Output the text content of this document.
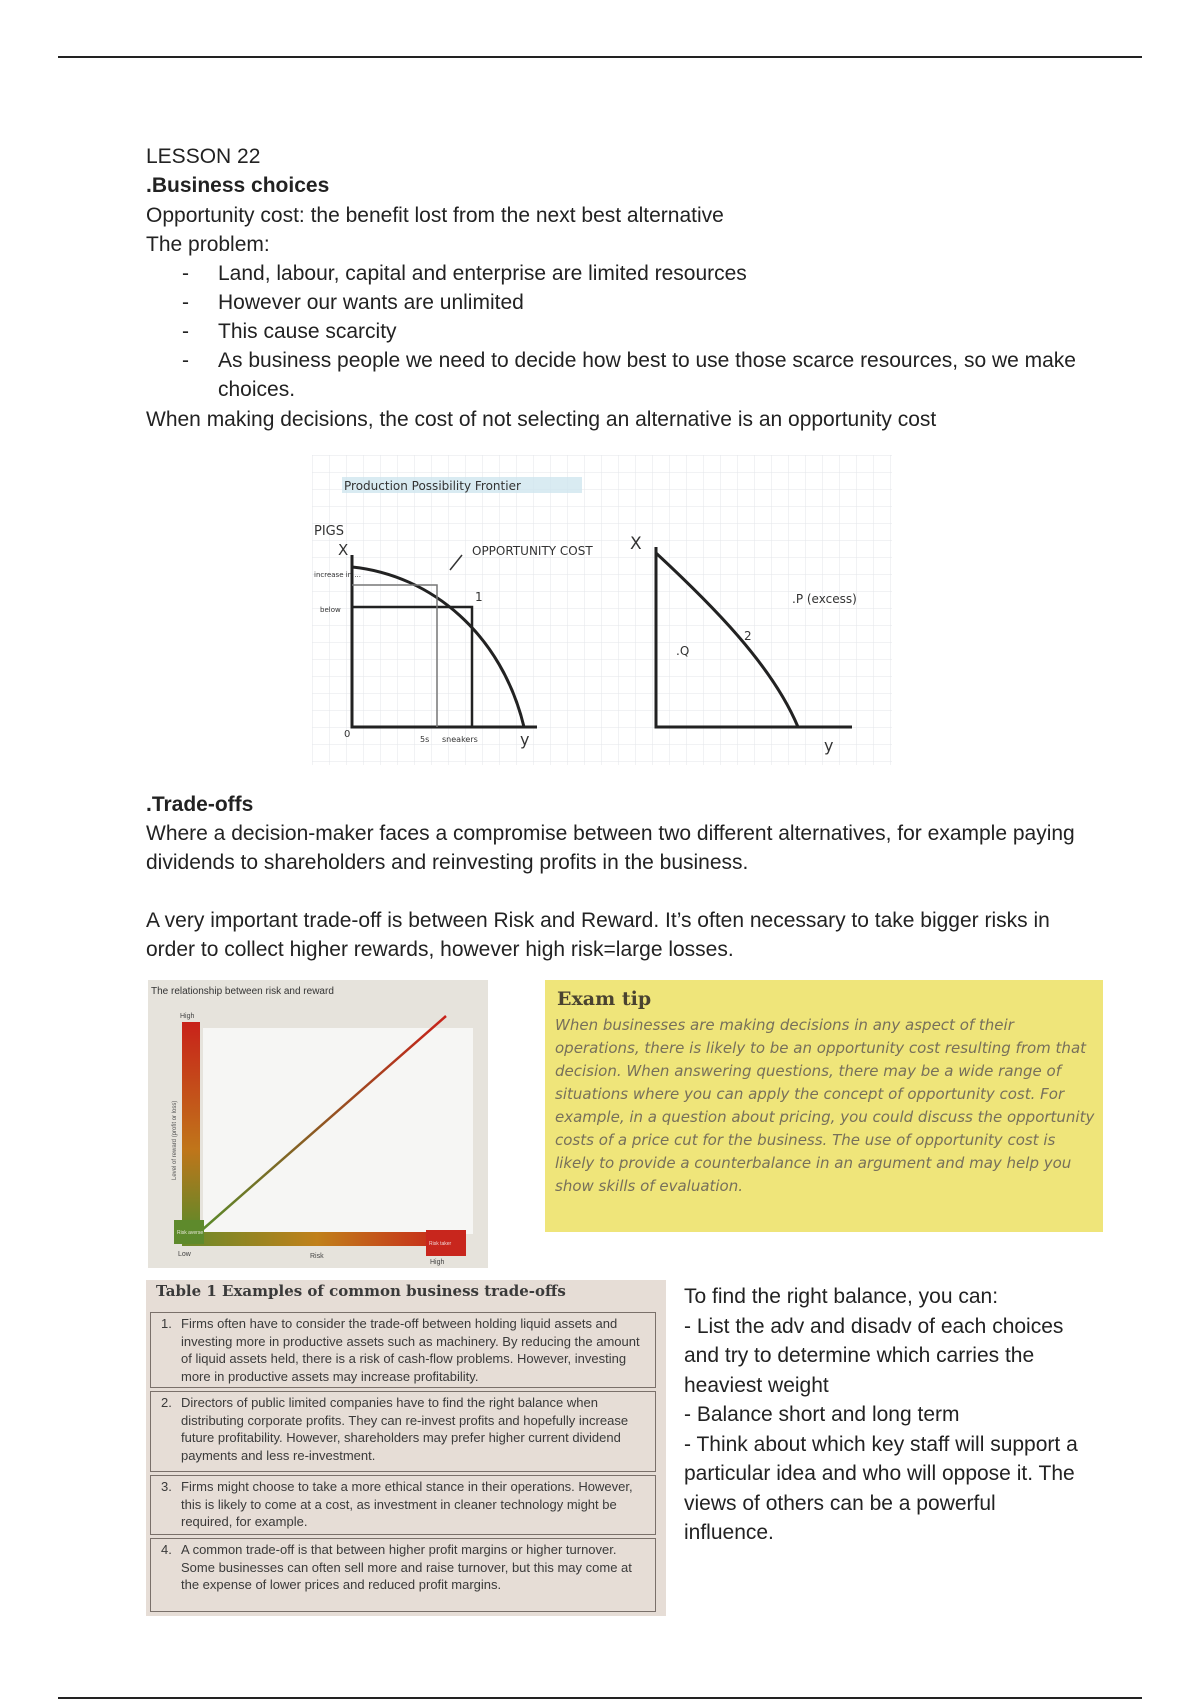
LESSON 22
.Business choices
Opportunity cost: the benefit lost from the next best alternative
The problem:
- Land, labour, capital and enterprise are limited resources
- However our wants are unlimited
- This cause scarcity
- As business people we need to decide how best to use those scarce resources, so we make choices.
When making decisions, the cost of not selecting an alternative is an opportunity cost
Production Possibility Frontier
PIGS
X
increase in ...
below
OPPORTUNITY COST
1
0	5s sneakers	y
X
2
.P (excess)
.Q
y
.Trade-offs
Where a decision-maker faces a compromise between two different alternatives, for example paying dividends to shareholders and reinvesting profits in the business.
A very important trade-off is between Risk and Reward. It’s often necessary to take bigger risks in order to collect higher rewards, however high risk=large losses.
The relationship between risk and reward
High
Risk averse
Risk taker
Low	Risk
High
Level of reward (profit or loss)
Exam tip
When businesses are making decisions in any aspect of their operations, there is likely to be an opportunity cost resulting from that decision. When answering questions, there may be a wide range of situations where you can apply the concept of opportunity cost. For example, in a question about pricing, you could discuss the opportunity costs of a price cut for the business. The use of opportunity cost is likely to provide a counterbalance in an argument and may help you show skills of evaluation.
Table 1 Examples of common business trade-offs
1. Firms often have to consider the trade-off between holding liquid assets and investing more in productive assets such as machinery. By reducing the amount of liquid assets held, there is a risk of cash-flow problems. However, investing more in productive assets may increase profitability.
2. Directors of public limited companies have to find the right balance when distributing corporate profits. They can re-invest profits and hopefully increase future profitability. However, shareholders may prefer higher current dividend payments and less re-investment.
3. Firms might choose to take a more ethical stance in their operations. However, this is likely to come at a cost, as investment in cleaner technology might be required, for example.
4. A common trade-off is that between higher profit margins or higher turnover. Some businesses can often sell more and raise turnover, but this may come at the expense of lower prices and reduced profit margins.
To find the right balance, you can:
- List the adv and disadv of each choices and try to determine which carries the heaviest weight
- Balance short and long term
- Think about which key staff will support a particular idea and who will oppose it. The views of others can be a powerful influence.
